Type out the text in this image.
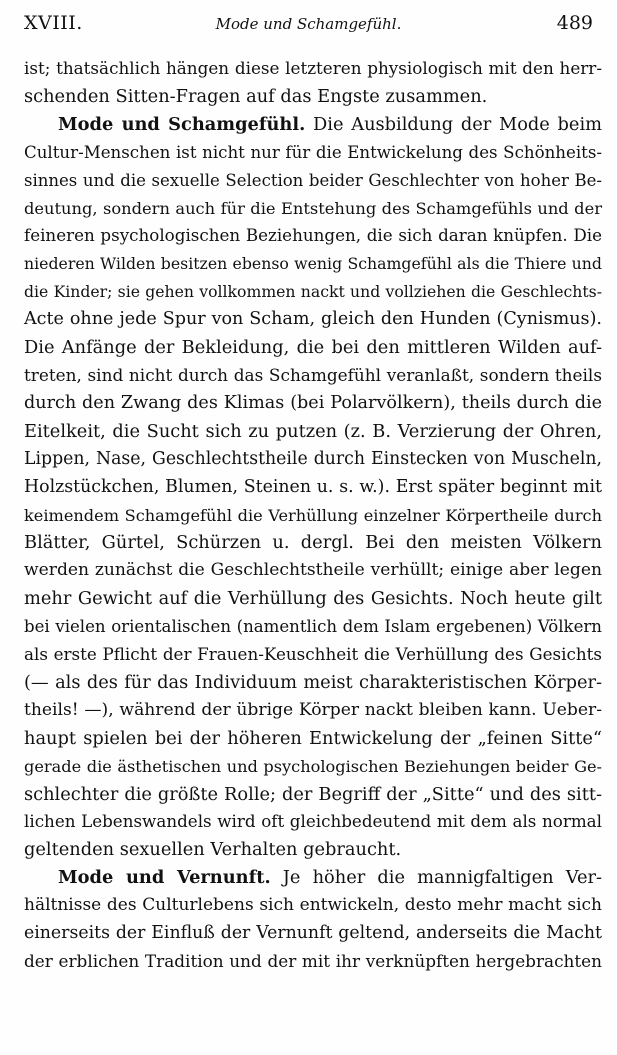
XVIII.	Mode und Schamgefühl.	489
ist; thatsächlich hängen diese letzteren physiologisch mit den herr-
schenden Sitten-Fragen auf das Engste zusammen.
Mode und Schamgefühl. Die Ausbildung der Mode beim
Cultur-Menschen ist nicht nur für die Entwickelung des Schönheits-
sinnes und die sexuelle Selection beider Geschlechter von hoher Be-
deutung, sondern auch für die Entstehung des Schamgefühls und der
feineren psychologischen Beziehungen, die sich daran knüpfen. Die
niederen Wilden besitzen ebenso wenig Schamgefühl als die Thiere und
die Kinder; sie gehen vollkommen nackt und vollziehen die Geschlechts-
Acte ohne jede Spur von Scham, gleich den Hunden (Cynismus).
Die Anfänge der Bekleidung, die bei den mittleren Wilden auf-
treten, sind nicht durch das Schamgefühl veranlaßt, sondern theils
durch den Zwang des Klimas (bei Polarvölkern), theils durch die
Eitelkeit, die Sucht sich zu putzen (z. B. Verzierung der Ohren,
Lippen, Nase, Geschlechtstheile durch Einstecken von Muscheln,
Holzstückchen, Blumen, Steinen u. s. w.). Erst später beginnt mit
keimendem Schamgefühl die Verhüllung einzelner Körpertheile durch
Blätter, Gürtel, Schürzen u. dergl. Bei den meisten Völkern
werden zunächst die Geschlechtstheile verhüllt; einige aber legen
mehr Gewicht auf die Verhüllung des Gesichts. Noch heute gilt
bei vielen orientalischen (namentlich dem Islam ergebenen) Völkern
als erste Pflicht der Frauen-Keuschheit die Verhüllung des Gesichts
(— als des für das Individuum meist charakteristischen Körper-
theils! —), während der übrige Körper nackt bleiben kann. Ueber-
haupt spielen bei der höheren Entwickelung der „feinen Sitte“
gerade die ästhetischen und psychologischen Beziehungen beider Ge-
schlechter die größte Rolle; der Begriff der „Sitte“ und des sitt-
lichen Lebenswandels wird oft gleichbedeutend mit dem als normal
geltenden sexuellen Verhalten gebraucht.
Mode und Vernunft. Je höher die mannigfaltigen Ver-
hältnisse des Culturlebens sich entwickeln, desto mehr macht sich
einerseits der Einfluß der Vernunft geltend, anderseits die Macht
der erblichen Tradition und der mit ihr verknüpften hergebrachten
